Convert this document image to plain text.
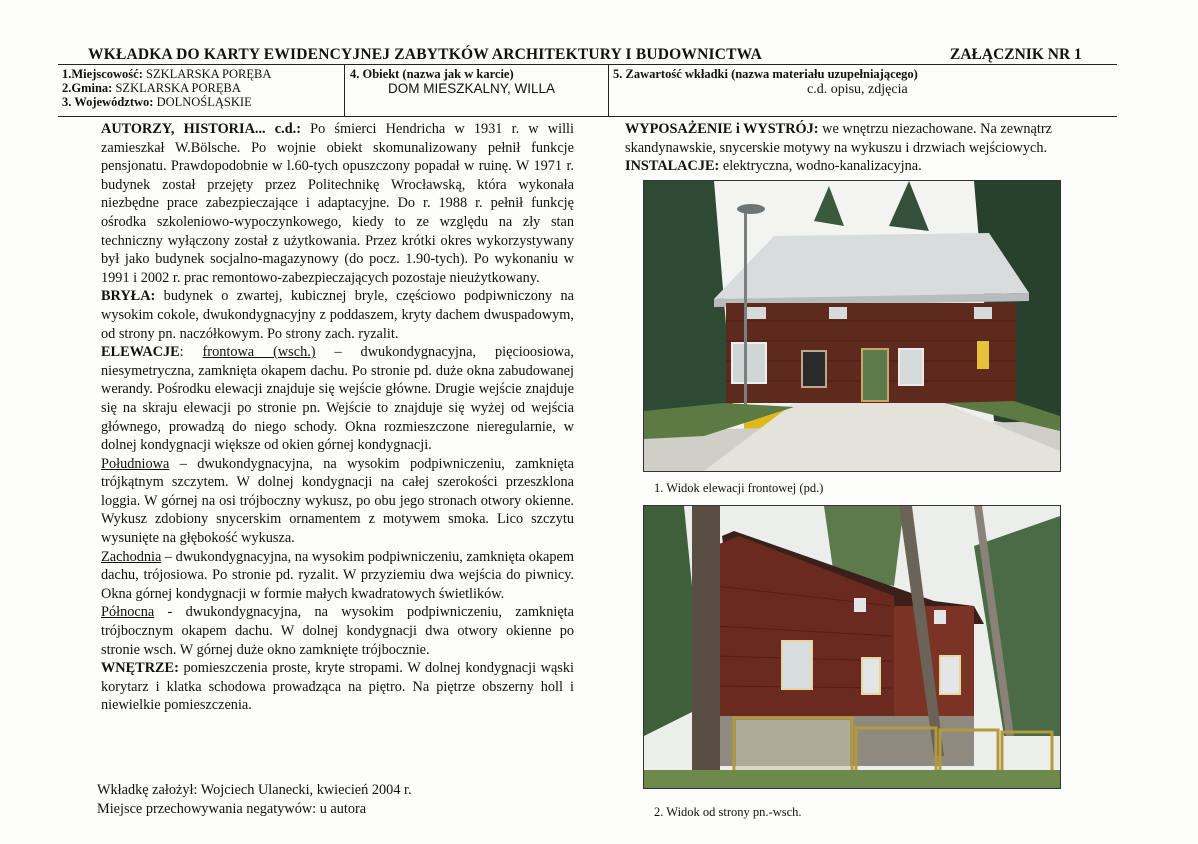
WKŁADKA DO KARTY EWIDENCYJNEJ ZABYTKÓW ARCHITEKTURY I BUDOWNICTWA	ZAŁĄCZNIK NR 1
1.Miejscowość: SZKLARSKA PORĘBA
2.Gmina: SZKLARSKA PORĘBA
3. Województwo: DOLNOŚLĄSKIE
4. Obiekt (nazwa jak w karcie)
DOM MIESZKALNY, WILLA
5. Zawartość wkładki (nazwa materiału uzupełniającego)
c.d. opisu, zdjęcia

AUTORZY, HISTORIA... c.d.: Po śmierci Hendricha w 1931 r. w willi zamieszkał W.Bölsche. Po wojnie obiekt skomunalizowany pełnił funkcje pensjonatu. Prawdopodobnie w l.60-tych opuszczony popadał w ruinę. W 1971 r. budynek został przejęty przez Politechnikę Wrocławską, która wykonała niezbędne prace zabezpieczające i adaptacyjne. Do r. 1988 r. pełnił funkcję ośrodka szkoleniowo-wypoczynkowego, kiedy to ze względu na zły stan techniczny wyłączony został z użytkowania. Przez krótki okres wykorzystywany był jako budynek socjalno-magazynowy (do pocz. 1.90-tych). Po wykonaniu w 1991 i 2002 r. prac remontowo-zabezpieczających pozostaje nieużytkowany.

BRYŁA: budynek o zwartej, kubicznej bryle, częściowo podpiwniczony na wysokim cokole, dwukondygnacyjny z poddaszem, kryty dachem dwuspadowym, od strony pn. naczółkowym. Po strony zach. ryzalit.

ELEWACJE: frontowa (wsch.) – dwukondygnacyjna, pięcioosiowa, niesymetryczna, zamknięta okapem dachu. Po stronie pd. duże okna zabudowanej werandy. Pośrodku elewacji znajduje się wejście główne. Drugie wejście znajduje się na skraju elewacji po stronie pn. Wejście to znajduje się wyżej od wejścia głównego, prowadzą do niego schody. Okna rozmieszczone nieregularnie, w dolnej kondygnacji większe od okien górnej kondygnacji.

Południowa – dwukondygnacyjna, na wysokim podpiwniczeniu, zamknięta trójkątnym szczytem. W dolnej kondygnacji na całej szerokości przeszklona loggia. W górnej na osi trójboczny wykusz, po obu jego stronach otwory okienne. Wykusz zdobiony snycerskim ornamentem z motywem smoka. Lico szczytu wysunięte na głębokość wykusza.

Zachodnia – dwukondygnacyjna, na wysokim podpiwniczeniu, zamknięta okapem dachu, trójosiowa. Po stronie pd. ryzalit. W przyziemiu dwa wejścia do piwnicy. Okna górnej kondygnacji w formie małych kwadratowych świetlików.

Północna - dwukondygnacyjna, na wysokim podpiwniczeniu, zamknięta trójbocznym okapem dachu. W dolnej kondygnacji dwa otwory okienne po stronie wsch. W górnej duże okno zamknięte trójbocznie.

WNĘTRZE: pomieszczenia proste, kryte stropami. W dolnej kondygnacji wąski korytarz i klatka schodowa prowadząca na piętro. Na piętrze obszerny holl i niewielkie pomieszczenia.

Wkładkę założył: Wojciech Ulanecki, kwiecień 2004 r.
Miejsce przechowywania negatywów: u autora

WYPOSAŻENIE i WYSTRÓJ: we wnętrzu niezachowane. Na zewnątrz skandynawskie, snycerskie motywy na wykuszu i drzwiach wejściowych.

INSTALACJE: elektryczna, wodno-kanalizacyjna.

1. Widok elewacji frontowej (pd.)
2. Widok od strony pn.-wsch.
